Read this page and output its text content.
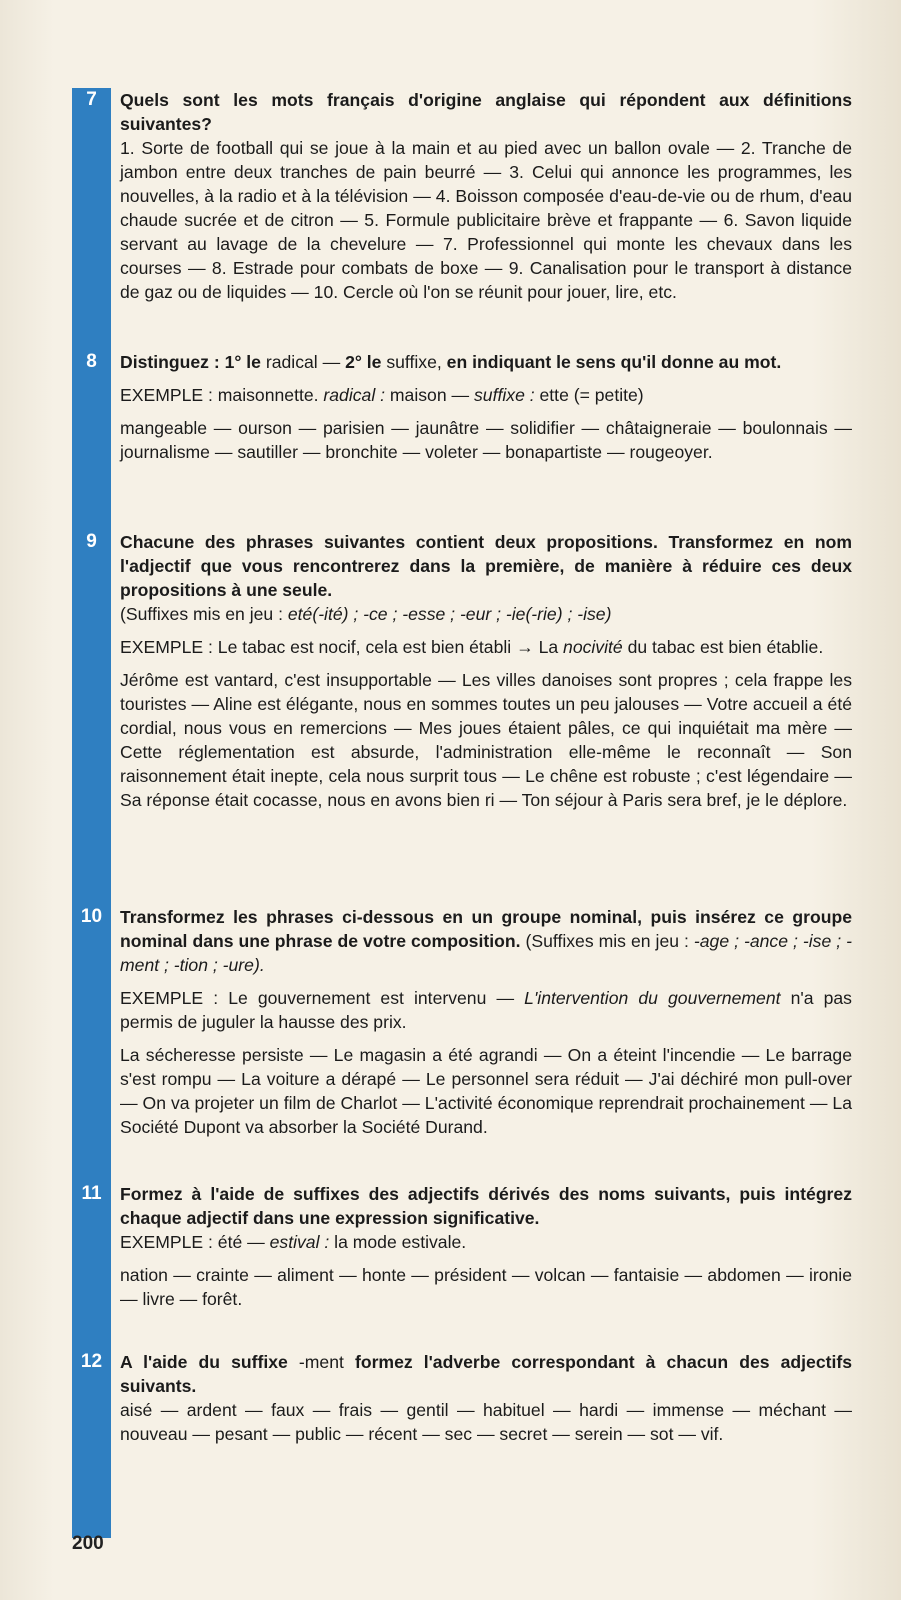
7	Quels sont les mots français d'origine anglaise qui répondent aux définitions suivantes?

1. Sorte de football qui se joue à la main et au pied avec un ballon ovale — 2. Tranche de jambon entre deux tranches de pain beurré — 3. Celui qui annonce les programmes, les nouvelles, à la radio et à la télévision — 4. Boisson composée d'eau-de-vie ou de rhum, d'eau chaude sucrée et de citron — 5. Formule publicitaire brève et frappante — 6. Savon liquide servant au lavage de la chevelure — 7. Professionnel qui monte les chevaux dans les courses — 8. Estrade pour combats de boxe — 9. Canalisation pour le transport à distance de gaz ou de liquides — 10. Cercle où l'on se réunit pour jouer, lire, etc.

8	Distinguez : 1° le radical — 2° le suffixe, en indiquant le sens qu'il donne au mot.

EXEMPLE : maisonnette. radical : maison — suffixe : ette (= petite)

mangeable — ourson — parisien — jaunâtre — solidifier — châtaigneraie — boulonnais — journalisme — sautiller — bronchite — voleter — bonapartiste — rougeoyer.

9	Chacune des phrases suivantes contient deux propositions. Transformez en nom l'adjectif que vous rencontrerez dans la première, de manière à réduire ces deux propositions à une seule.

(Suffixes mis en jeu : eté(-ité) ; -ce ; -esse ; -eur ; -ie(-rie) ; -ise)

EXEMPLE : Le tabac est nocif, cela est bien établi → La nocivité du tabac est bien établie.

Jérôme est vantard, c'est insupportable — Les villes danoises sont propres ; cela frappe les touristes — Aline est élégante, nous en sommes toutes un peu jalouses — Votre accueil a été cordial, nous vous en remercions — Mes joues étaient pâles, ce qui inquiétait ma mère — Cette réglementation est absurde, l'administration elle-même le reconnaît — Son raisonnement était inepte, cela nous surprit tous — Le chêne est robuste ; c'est légendaire — Sa réponse était cocasse, nous en avons bien ri — Ton séjour à Paris sera bref, je le déplore.

10	Transformez les phrases ci-dessous en un groupe nominal, puis insérez ce groupe nominal dans une phrase de votre composition. (Suffixes mis en jeu : -age ; -ance ; -ise ; -ment ; -tion ; -ure).

EXEMPLE : Le gouvernement est intervenu — L'intervention du gouvernement n'a pas permis de juguler la hausse des prix.

La sécheresse persiste — Le magasin a été agrandi — On a éteint l'incendie — Le barrage s'est rompu — La voiture a dérapé — Le personnel sera réduit — J'ai déchiré mon pull-over — On va projeter un film de Charlot — L'activité économique reprendrait prochainement — La Société Dupont va absorber la Société Durand.

11	Formez à l'aide de suffixes des adjectifs dérivés des noms suivants, puis intégrez chaque adjectif dans une expression significative.

EXEMPLE : été — estival : la mode estivale.

nation — crainte — aliment — honte — président — volcan — fantaisie — abdomen — ironie — livre — forêt.

12	A l'aide du suffixe -ment formez l'adverbe correspondant à chacun des adjectifs suivants.

aisé — ardent — faux — frais — gentil — habituel — hardi — immense — méchant — nouveau — pesant — public — récent — sec — secret — serein — sot — vif.

200
